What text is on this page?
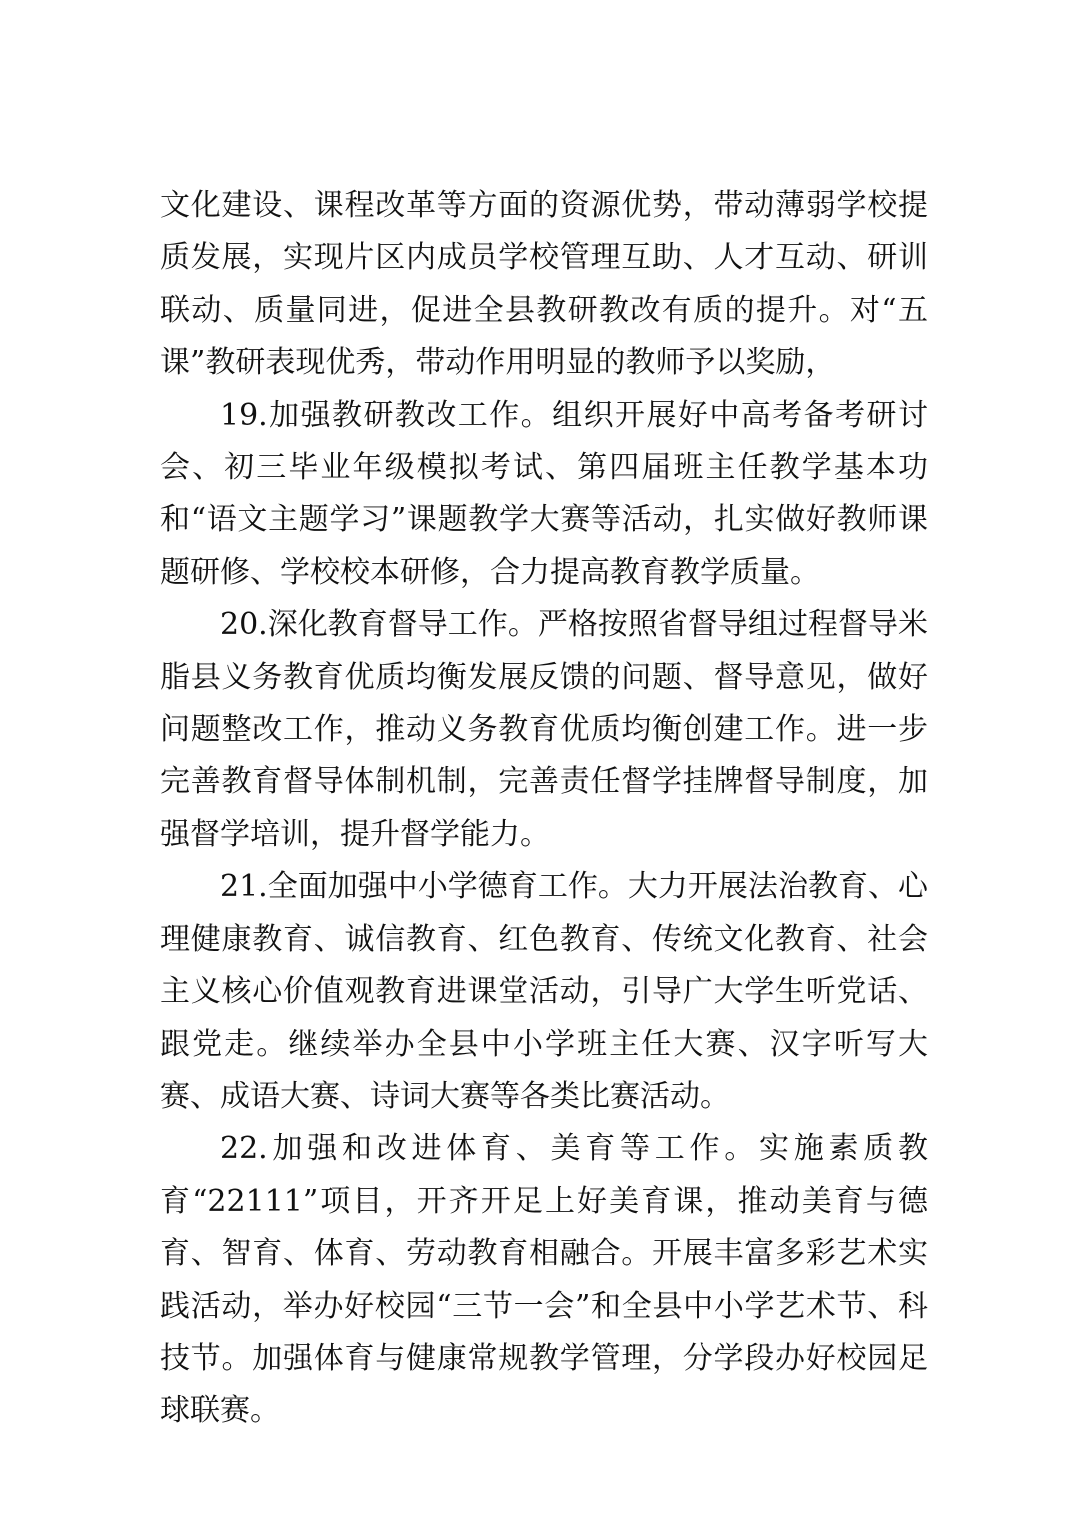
文化建设、课程改革等方面的资源优势，带动薄弱学校提质发展，实现片区内成员学校管理互助、人才互动、研训联动、质量同进，促进全县教研教改有质的提升。对“五课”教研表现优秀，带动作用明显的教师予以奖励，

19.加强教研教改工作。组织开展好中高考备考研讨会、初三毕业年级模拟考试、第四届班主任教学基本功和“语文主题学习”课题教学大赛等活动，扎实做好教师课题研修、学校校本研修，合力提高教育教学质量。

20.深化教育督导工作。严格按照省督导组过程督导米脂县义务教育优质均衡发展反馈的问题、督导意见，做好问题整改工作，推动义务教育优质均衡创建工作。进一步完善教育督导体制机制，完善责任督学挂牌督导制度，加强督学培训，提升督学能力。

21.全面加强中小学德育工作。大力开展法治教育、心理健康教育、诚信教育、红色教育、传统文化教育、社会主义核心价值观教育进课堂活动，引导广大学生听党话、跟党走。继续举办全县中小学班主任大赛、汉字听写大赛、成语大赛、诗词大赛等各类比赛活动。

22.加强和改进体育、美育等工作。实施素质教育“22111”项目，开齐开足上好美育课，推动美育与德育、智育、体育、劳动教育相融合。开展丰富多彩艺术实践活动，举办好校园“三节一会”和全县中小学艺术节、科技节。加强体育与健康常规教学管理，分学段办好校园足球联赛。
